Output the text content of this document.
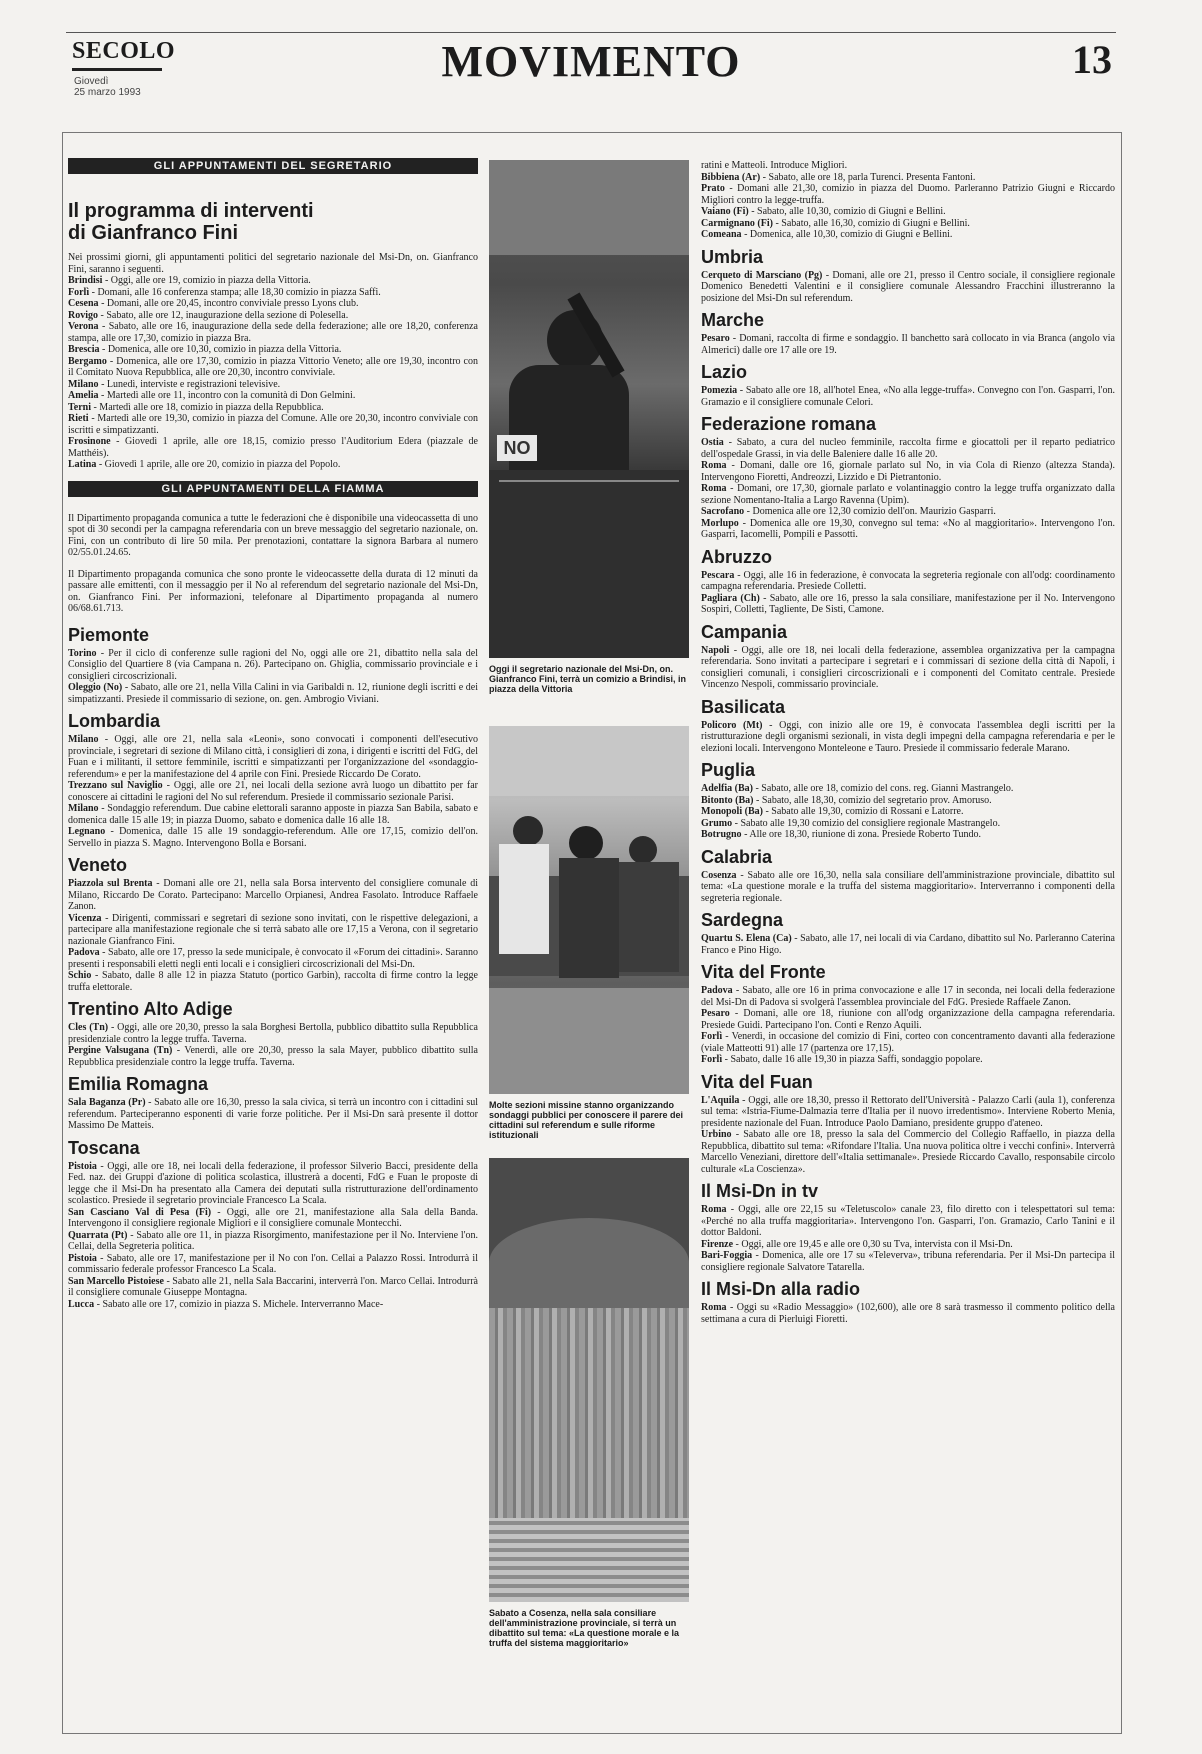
SECOLO
Giovedì
25 marzo 1993
MOVIMENTO	13
GLI APPUNTAMENTI DEL SEGRETARIO
Il programma di interventi
di Gianfranco Fini

Nei prossimi giorni, gli appuntamenti politici del segretario nazionale del Msi-Dn, on. Gianfranco Fini, saranno i seguenti.

Brindisi - Oggi, alle ore 19, comizio in piazza della Vittoria.

Forlì - Domani, alle 16 conferenza stampa; alle 18,30 comizio in piazza Saffi.

Cesena - Domani, alle ore 20,45, incontro conviviale presso Lyons club.

Rovigo - Sabato, alle ore 12, inaugurazione della sezione di Polesella.

Verona - Sabato, alle ore 16, inaugurazione della sede della federazione; alle ore 18,20, conferenza stampa, alle ore 17,30, comizio in piazza Bra.

Brescia - Domenica, alle ore 10,30, comizio in piazza della Vittoria.

Bergamo - Domenica, alle ore 17,30, comizio in piazza Vittorio Veneto; alle ore 19,30, incontro con il Comitato Nuova Repubblica, alle ore 20,30, incontro conviviale.

Milano - Lunedì, interviste e registrazioni televisive.

Amelia - Martedì alle ore 11, incontro con la comunità di Don Gelmini.

Terni - Martedì alle ore 18, comizio in piazza della Repubblica.

Rieti - Martedì alle ore 19,30, comizio in piazza del Comune. Alle ore 20,30, incontro conviviale con iscritti e simpatizzanti.

Frosinone - Giovedì 1 aprile, alle ore 18,15, comizio presso l'Auditorium Edera (piazzale de Matthéis).

Latina - Giovedì 1 aprile, alle ore 20, comizio in piazza del Popolo.

GLI APPUNTAMENTI DELLA FIAMMA

Il Dipartimento propaganda comunica a tutte le federazioni che è disponibile una videocassetta di uno spot di 30 secondi per la campagna referendaria con un breve messaggio del segretario nazionale, on. Fini, con un contributo di lire 50 mila. Per prenotazioni, contattare la signora Barbara al numero 02/55.01.24.65.

Il Dipartimento propaganda comunica che sono pronte le videocassette della durata di 12 minuti da passare alle emittenti, con il messaggio per il No al referendum del segretario nazionale del Msi-Dn, on. Gianfranco Fini. Per informazioni, telefonare al Dipartimento propaganda al numero 06/68.61.713.

Piemonte

Torino - Per il ciclo di conferenze sulle ragioni del No, oggi alle ore 21, dibattito nella sala del Consiglio del Quartiere 8 (via Campana n. 26). Partecipano on. Ghiglia, commissario provinciale e i consiglieri circoscrizionali.

Oleggio (No) - Sabato, alle ore 21, nella Villa Calini in via Garibaldi n. 12, riunione degli iscritti e dei simpatizzanti. Presiede il commissario di sezione, on. gen. Ambrogio Viviani.

Lombardia

Milano - Oggi, alle ore 21, nella sala «Leoni», sono convocati i componenti dell'esecutivo provinciale, i segretari di sezione di Milano città, i consiglieri di zona, i dirigenti e iscritti del FdG, del Fuan e i militanti, il settore femminile, iscritti e simpatizzanti per l'organizzazione del «sondaggio-referendum» e per la manifestazione del 4 aprile con Fini. Presiede Riccardo De Corato.

Trezzano sul Naviglio - Oggi, alle ore 21, nei locali della sezione avrà luogo un dibattito per far conoscere ai cittadini le ragioni del No sul referendum. Presiede il commissario sezionale Parisi.

Milano - Sondaggio referendum. Due cabine elettorali saranno apposte in piazza San Babila, sabato e domenica dalle 15 alle 19; in piazza Duomo, sabato e domenica dalle 16 alle 18.

Legnano - Domenica, dalle 15 alle 19 sondaggio-referendum. Alle ore 17,15, comizio dell'on. Servello in piazza S. Magno. Intervengono Bolla e Borsani.

Veneto

Piazzola sul Brenta - Domani alle ore 21, nella sala Borsa intervento del consigliere comunale di Milano, Riccardo De Corato. Partecipano: Marcello Orpianesi, Andrea Fasolato. Introduce Raffaele Zanon.

Vicenza - Dirigenti, commissari e segretari di sezione sono invitati, con le rispettive delegazioni, a partecipare alla manifestazione regionale che si terrà sabato alle ore 17,15 a Verona, con il segretario nazionale Gianfranco Fini.

Padova - Sabato, alle ore 17, presso la sede municipale, è convocato il «Forum dei cittadini». Saranno presenti i responsabili eletti negli enti locali e i consiglieri circoscrizionali del Msi-Dn.

Schio - Sabato, dalle 8 alle 12 in piazza Statuto (portico Garbin), raccolta di firme contro la legge truffa elettorale.

Trentino Alto Adige

Cles (Tn) - Oggi, alle ore 20,30, presso la sala Borghesi Bertolla, pubblico dibattito sulla Repubblica presidenziale contro la legge truffa. Taverna.

Pergine Valsugana (Tn) - Venerdì, alle ore 20,30, presso la sala Mayer, pubblico dibattito sulla Repubblica presidenziale contro la legge truffa. Taverna.

Emilia Romagna

Sala Baganza (Pr) - Sabato alle ore 16,30, presso la sala civica, si terrà un incontro con i cittadini sul referendum. Parteciperanno esponenti di varie forze politiche. Per il Msi-Dn sarà presente il dottor Massimo De Matteis.

Toscana

Pistoia - Oggi, alle ore 18, nei locali della federazione, il professor Silverio Bacci, presidente della Fed. naz. dei Gruppi d'azione di politica scolastica, illustrerà a docenti, FdG e Fuan le proposte di legge che il Msi-Dn ha presentato alla Camera dei deputati sulla ristrutturazione dell'ordinamento scolastico. Presiede il segretario provinciale Francesco La Scala.

San Casciano Val di Pesa (Fi) - Oggi, alle ore 21, manifestazione alla Sala della Banda. Intervengono il consigliere regionale Migliori e il consigliere comunale Montecchi.

Quarrata (Pt) - Sabato alle ore 11, in piazza Risorgimento, manifestazione per il No. Interviene l'on. Cellai, della Segreteria politica.

Pistoia - Sabato, alle ore 17, manifestazione per il No con l'on. Cellai a Palazzo Rossi. Introdurrà il commissario federale professor Francesco La Scala.

San Marcello Pistoiese - Sabato alle 21, nella Sala Baccarini, interverrà l'on. Marco Cellai. Introdurrà il consigliere comunale Giuseppe Montagna.

Lucca - Sabato alle ore 17, comizio in piazza S. Michele. Interverranno Mace-

NO

Oggi il segretario nazionale del Msi-Dn, on. Gianfranco Fini, terrà un comizio a Brindisi, in piazza della Vittoria

Molte sezioni missine stanno organizzando sondaggi pubblici per conoscere il parere dei cittadini sul referendum e sulle riforme istituzionali

Sabato a Cosenza, nella sala consiliare dell'amministrazione provinciale, si terrà un dibattito sul tema: «La questione morale e la truffa del sistema maggioritario»

ratini e Matteoli. Introduce Migliori.

Bibbiena (Ar) - Sabato, alle ore 18, parla Turenci. Presenta Fantoni.

Prato - Domani alle 21,30, comizio in piazza del Duomo. Parleranno Patrizio Giugni e Riccardo Migliori contro la legge-truffa.

Vaiano (Fi) - Sabato, alle 10,30, comizio di Giugni e Bellini.

Carmignano (Fi) - Sabato, alle 16,30, comizio di Giugni e Bellini.

Comeana - Domenica, alle 10,30, comizio di Giugni e Bellini.

Umbria

Cerqueto di Marsciano (Pg) - Domani, alle ore 21, presso il Centro sociale, il consigliere regionale Domenico Benedetti Valentini e il consigliere comunale Alessandro Fracchini illustreranno la posizione del Msi-Dn sul referendum.

Marche

Pesaro - Domani, raccolta di firme e sondaggio. Il banchetto sarà collocato in via Branca (angolo via Almerici) dalle ore 17 alle ore 19.

Lazio

Pomezia - Sabato alle ore 18, all'hotel Enea, «No alla legge-truffa». Convegno con l'on. Gasparri, l'on. Gramazio e il consigliere comunale Celori.

Federazione romana

Ostia - Sabato, a cura del nucleo femminile, raccolta firme e giocattoli per il reparto pediatrico dell'ospedale Grassi, in via delle Baleniere dalle 16 alle 20.

Roma - Domani, dalle ore 16, giornale parlato sul No, in via Cola di Rienzo (altezza Standa). Intervengono Fioretti, Andreozzi, Lizzido e Di Pietrantonio.

Roma - Domani, ore 17,30, giornale parlato e volantinaggio contro la legge truffa organizzato dalla sezione Nomentano-Italia a Largo Ravenna (Upim).

Sacrofano - Domenica alle ore 12,30 comizio dell'on. Maurizio Gasparri.

Morlupo - Domenica alle ore 19,30, convegno sul tema: «No al maggioritario». Intervengono l'on. Gasparri, Iacomelli, Pompili e Passotti.

Abruzzo

Pescara - Oggi, alle 16 in federazione, è convocata la segreteria regionale con all'odg: coordinamento campagna referendaria. Presiede Colletti.

Pagliara (Ch) - Sabato, alle ore 16, presso la sala consiliare, manifestazione per il No. Intervengono Sospiri, Colletti, Tagliente, De Sisti, Camone.

Campania

Napoli - Oggi, alle ore 18, nei locali della federazione, assemblea organizzativa per la campagna referendaria. Sono invitati a partecipare i segretari e i commissari di sezione della città di Napoli, i consiglieri comunali, i consiglieri circoscrizionali e i componenti del Comitato centrale. Presiede Vincenzo Nespoli, commissario provinciale.

Basilicata

Policoro (Mt) - Oggi, con inizio alle ore 19, è convocata l'assemblea degli iscritti per la ristrutturazione degli organismi sezionali, in vista degli impegni della campagna referendaria e per le elezioni locali. Intervengono Monteleone e Tauro. Presiede il commissario federale Marano.

Puglia

Adelfia (Ba) - Sabato, alle ore 18, comizio del cons. reg. Gianni Mastrangelo.

Bitonto (Ba) - Sabato, alle 18,30, comizio del segretario prov. Amoruso.

Monopoli (Ba) - Sabato alle 19,30, comizio di Rossani e Latorre.

Grumo - Sabato alle 19,30 comizio del consigliere regionale Mastrangelo.

Botrugno - Alle ore 18,30, riunione di zona. Presiede Roberto Tundo.

Calabria

Cosenza - Sabato alle ore 16,30, nella sala consiliare dell'amministrazione provinciale, dibattito sul tema: «La questione morale e la truffa del sistema maggioritario». Interverranno i componenti della segreteria regionale.

Sardegna

Quartu S. Elena (Ca) - Sabato, alle 17, nei locali di via Cardano, dibattito sul No. Parleranno Caterina Franco e Pino Higo.

Vita del Fronte

Padova - Sabato, alle ore 16 in prima convocazione e alle 17 in seconda, nei locali della federazione del Msi-Dn di Padova si svolgerà l'assemblea provinciale del FdG. Presiede Raffaele Zanon.

Pesaro - Domani, alle ore 18, riunione con all'odg organizzazione della campagna referendaria. Presiede Guidi. Partecipano l'on. Conti e Renzo Aquili.

Forlì - Venerdì, in occasione del comizio di Fini, corteo con concentramento davanti alla federazione (viale Matteotti 91) alle 17 (partenza ore 17,15).

Forlì - Sabato, dalle 16 alle 19,30 in piazza Saffi, sondaggio popolare.

Vita del Fuan

L'Aquila - Oggi, alle ore 18,30, presso il Rettorato dell'Università - Palazzo Carli (aula 1), conferenza sul tema: «Istria-Fiume-Dalmazia terre d'Italia per il nuovo irredentismo». Interviene Roberto Menia, presidente nazionale del Fuan. Introduce Paolo Damiano, presidente gruppo d'ateneo.

Urbino - Sabato alle ore 18, presso la sala del Commercio del Collegio Raffaello, in piazza della Repubblica, dibattito sul tema: «Rifondare l'Italia. Una nuova politica oltre i vecchi confini». Interverrà Marcello Veneziani, direttore dell'«Italia settimanale». Presiede Riccardo Cavallo, responsabile circolo culturale «La Coscienza».

Il Msi-Dn in tv

Roma - Oggi, alle ore 22,15 su «Teletuscolo» canale 23, filo diretto con i telespettatori sul tema: «Perché no alla truffa maggioritaria». Intervengono l'on. Gasparri, l'on. Gramazio, Carlo Tanini e il dottor Baldoni.

Firenze - Oggi, alle ore 19,45 e alle ore 0,30 su Tva, intervista con il Msi-Dn.

Bari-Foggia - Domenica, alle ore 17 su «Televerva», tribuna referendaria. Per il Msi-Dn partecipa il consigliere regionale Salvatore Tatarella.

Il Msi-Dn alla radio

Roma - Oggi su «Radio Messaggio» (102,600), alle ore 8 sarà trasmesso il commento politico della settimana a cura di Pierluigi Fioretti.
